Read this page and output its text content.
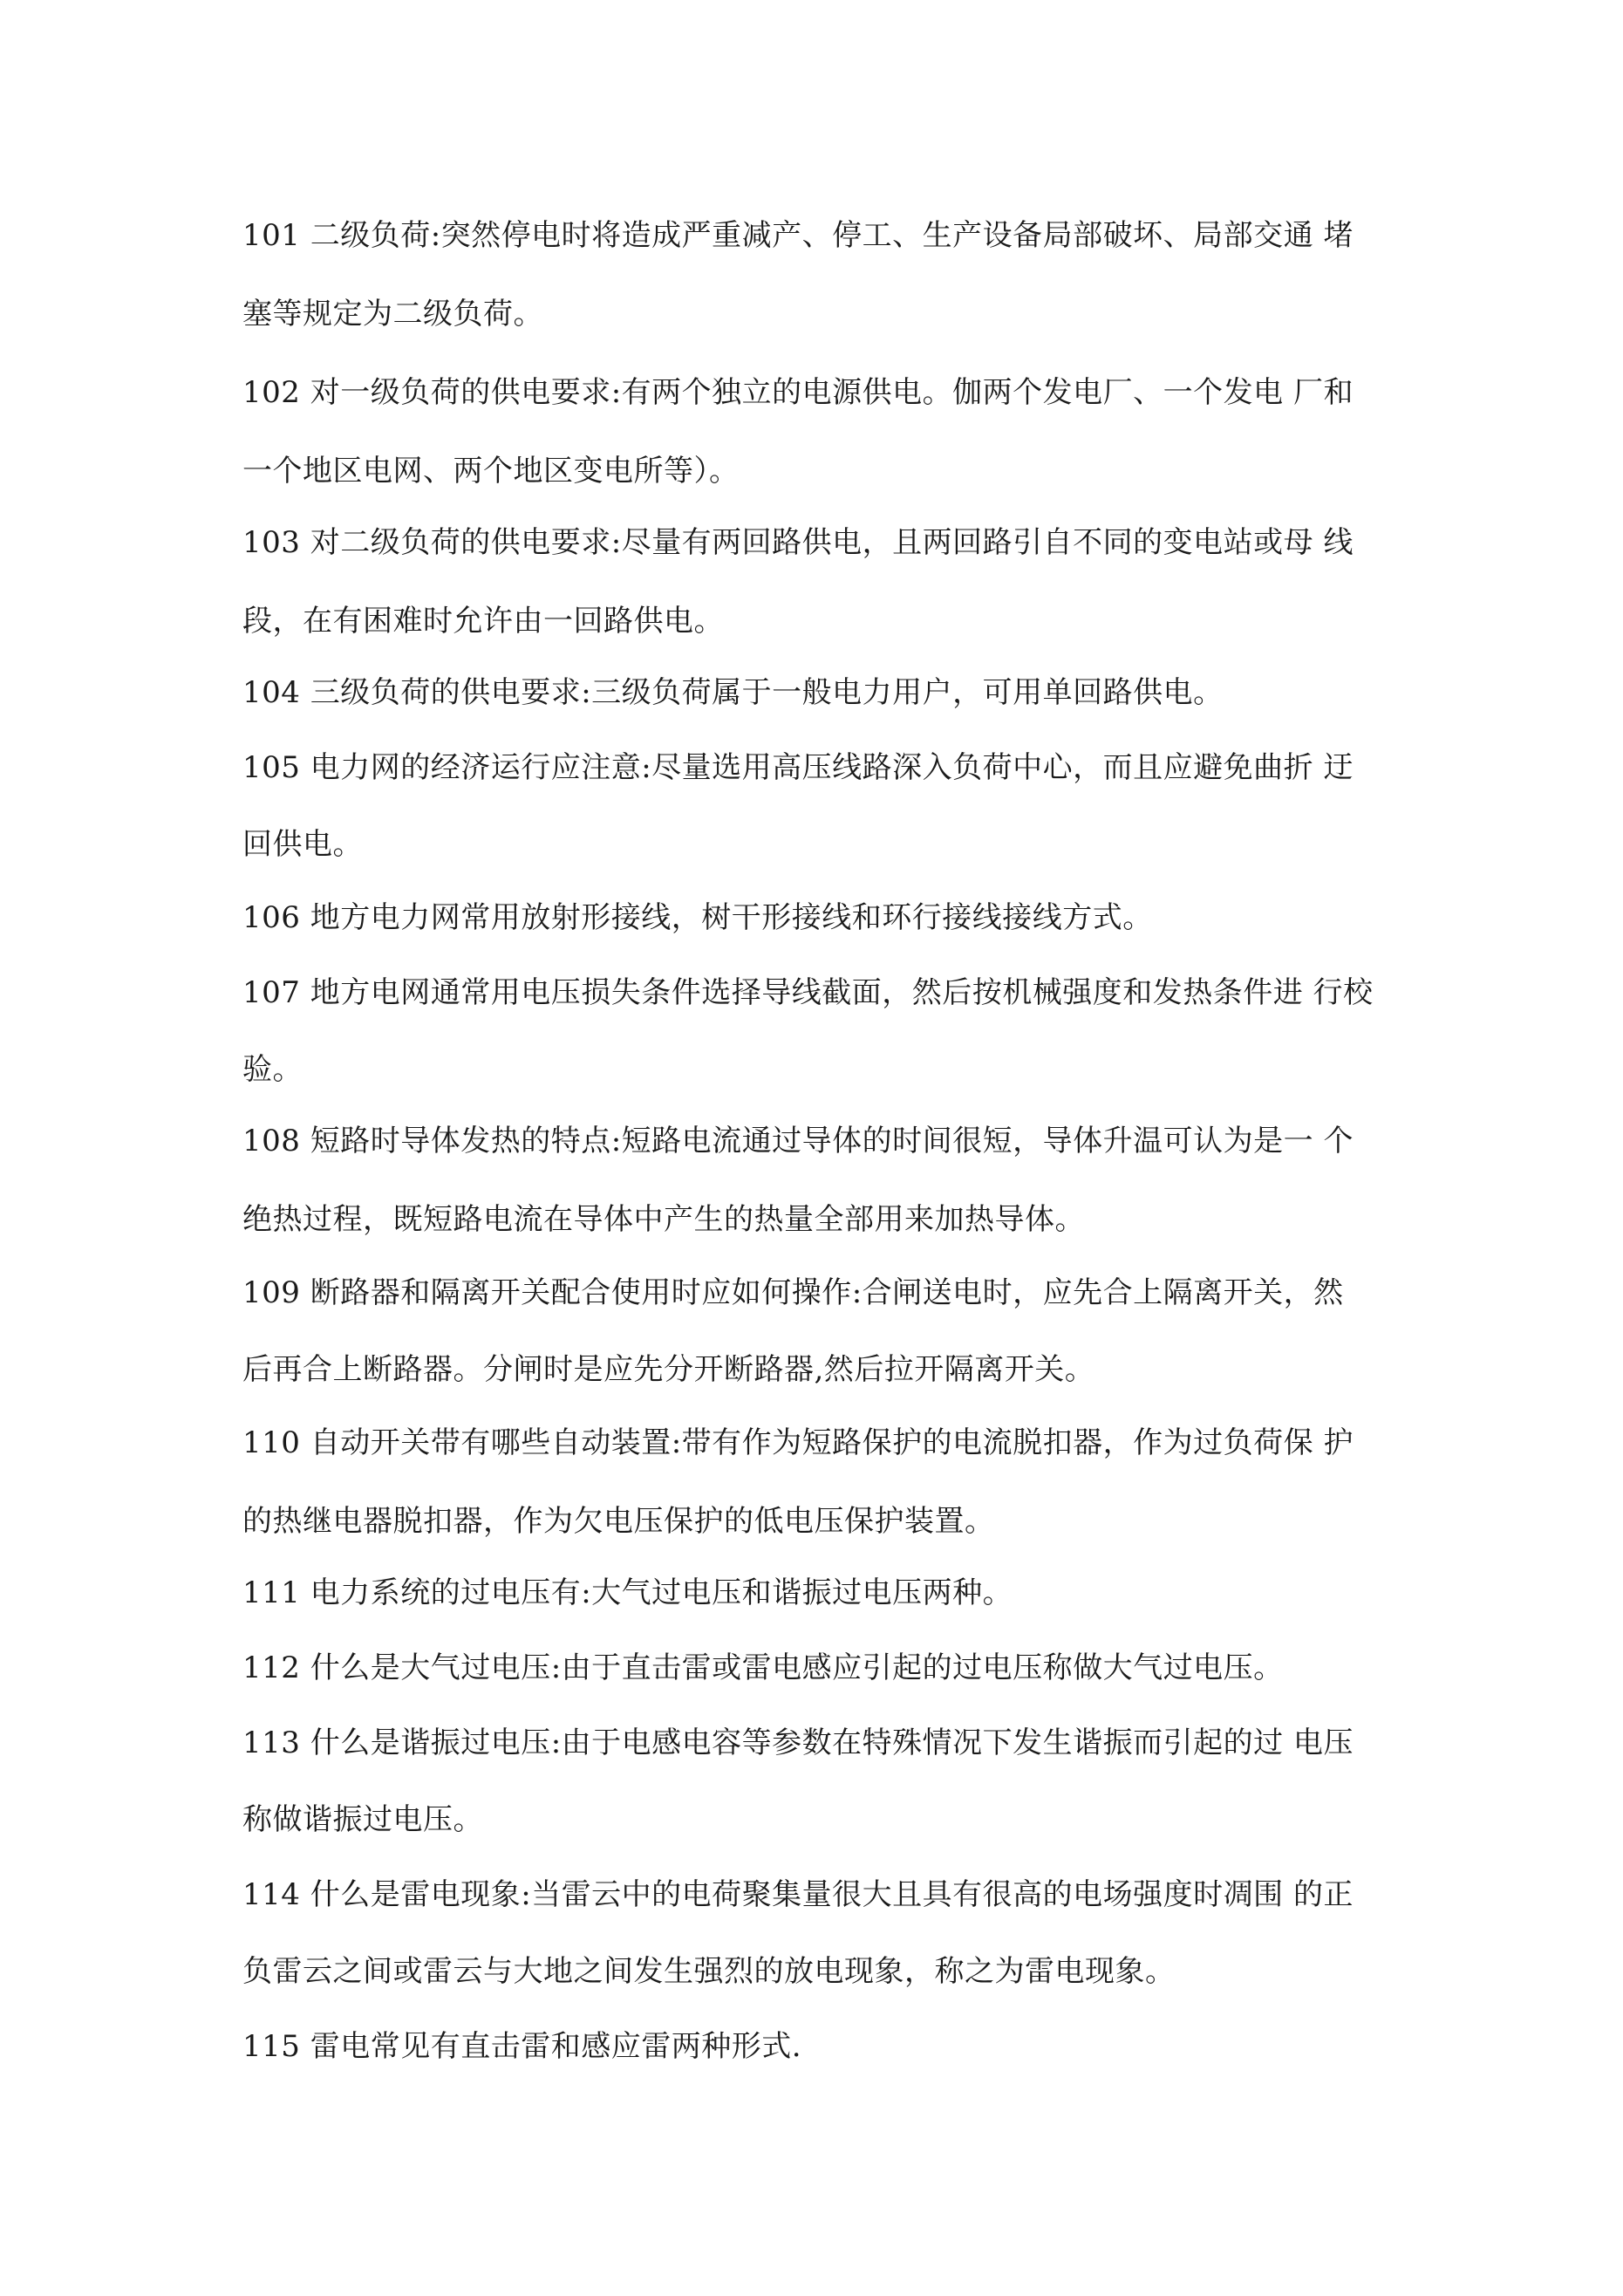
101 二级负荷:突然停电时将造成严重减产、停工、生产设备局部破坏、局部交通 堵
塞等规定为二级负荷。
102 对一级负荷的供电要求:有两个独立的电源供电。伽两个发电厂、一个发电 厂和
一个地区电网、两个地区变电所等）。
103 对二级负荷的供电要求:尽量有两回路供电，且两回路引自不同的变电站或母 线
段，在有困难时允许由一回路供电。
104 三级负荷的供电要求:三级负荷属于一般电力用户，可用单回路供电。
105 电力网的经济运行应注意:尽量选用高压线路深入负荷中心，而且应避免曲折 迂
回供电。
106 地方电力网常用放射形接线，树干形接线和环行接线接线方式。
107 地方电网通常用电压损失条件选择导线截面，然后按机械强度和发热条件进 行校
验。
108 短路时导体发热的特点:短路电流通过导体的时间很短，导体升温可认为是一 个
绝热过程，既短路电流在导体中产生的热量全部用来加热导体。
109 断路器和隔离开关配合使用时应如何操作:合闸送电时，应先合上隔离开关，然
后再合上断路器。分闸时是应先分开断路器,然后拉开隔离开关。
110 自动开关带有哪些自动装置:带有作为短路保护的电流脱扣器，作为过负荷保 护
的热继电器脱扣器，作为欠电压保护的低电压保护装置。
111 电力系统的过电压有:大气过电压和谐振过电压两种。
112 什么是大气过电压:由于直击雷或雷电感应引起的过电压称做大气过电压。
113 什么是谐振过电压:由于电感电容等参数在特殊情况下发生谐振而引起的过 电压
称做谐振过电压。
114 什么是雷电现象:当雷云中的电荷聚集量很大且具有很高的电场强度时凋围 的正
负雷云之间或雷云与大地之间发生强烈的放电现象，称之为雷电现象。
115 雷电常见有直击雷和感应雷两种形式.
